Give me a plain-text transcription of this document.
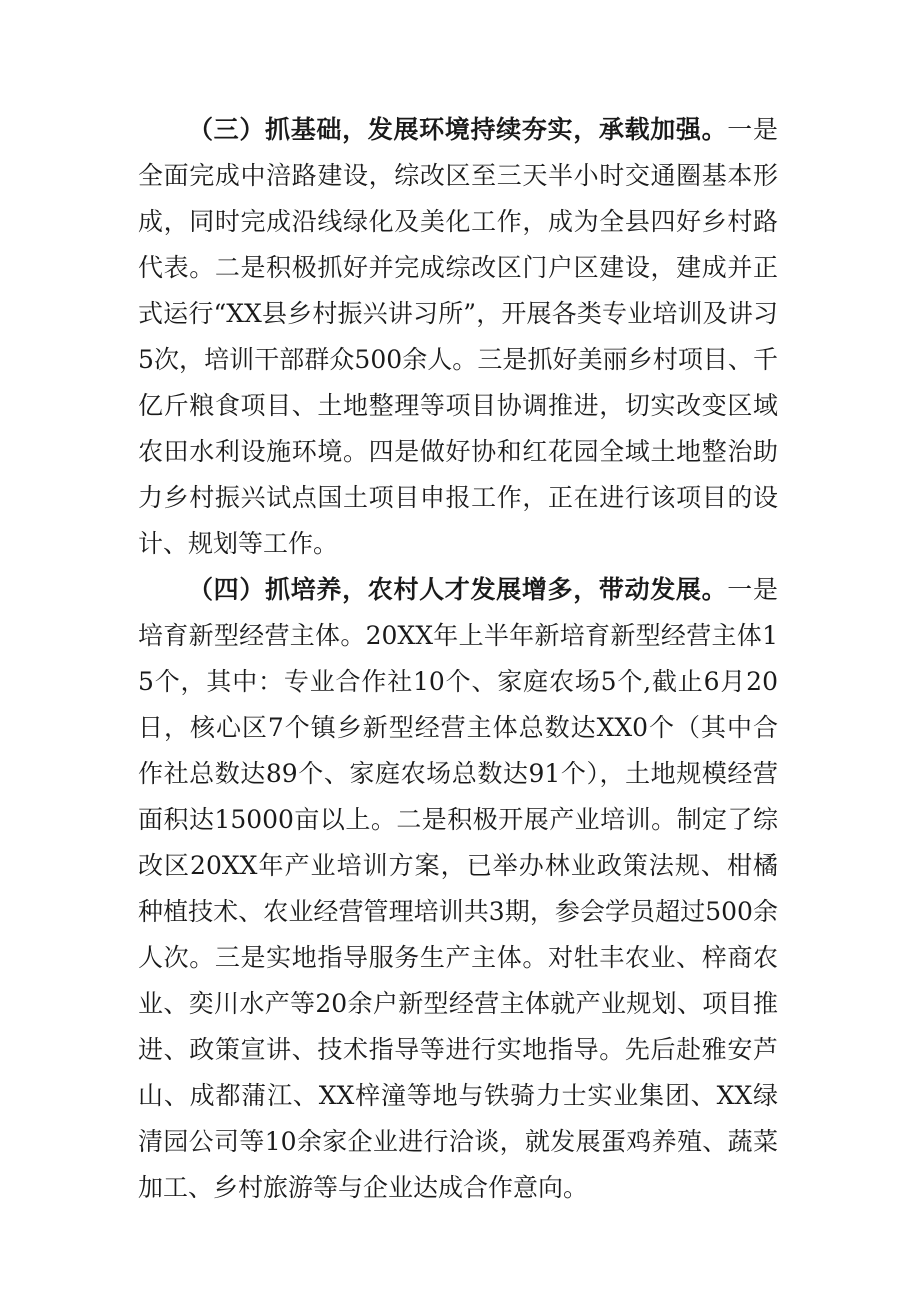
（三）抓基础，发展环境持续夯实，承载加强。一是全面完成中涪路建设，综改区至三天半小时交通圈基本形成，同时完成沿线绿化及美化工作，成为全县四好乡村路代表。二是积极抓好并完成综改区门户区建设，建成并正式运行“XX县乡村振兴讲习所”，开展各类专业培训及讲习5次，培训干部群众500余人。三是抓好美丽乡村项目、千亿斤粮食项目、土地整理等项目协调推进，切实改变区域农田水利设施环境。四是做好协和红花园全域土地整治助力乡村振兴试点国土项目申报工作，正在进行该项目的设计、规划等工作。

（四）抓培养，农村人才发展增多，带动发展。一是培育新型经营主体。20XX年上半年新培育新型经营主体15个，其中：专业合作社10个、家庭农场5个,截止6月20日，核心区7个镇乡新型经营主体总数达XX0个（其中合作社总数达89个、家庭农场总数达91个），土地规模经营面积达15000亩以上。二是积极开展产业培训。制定了综改区20XX年产业培训方案，已举办林业政策法规、柑橘种植技术、农业经营管理培训共3期，参会学员超过500余人次。三是实地指导服务生产主体。对牡丰农业、梓商农业、奕川水产等20余户新型经营主体就产业规划、项目推进、政策宣讲、技术指导等进行实地指导。先后赴雅安芦山、成都蒲江、XX梓潼等地与铁骑力士实业集团、XX绿清园公司等10余家企业进行洽谈，就发展蛋鸡养殖、蔬菜加工、乡村旅游等与企业达成合作意向。
